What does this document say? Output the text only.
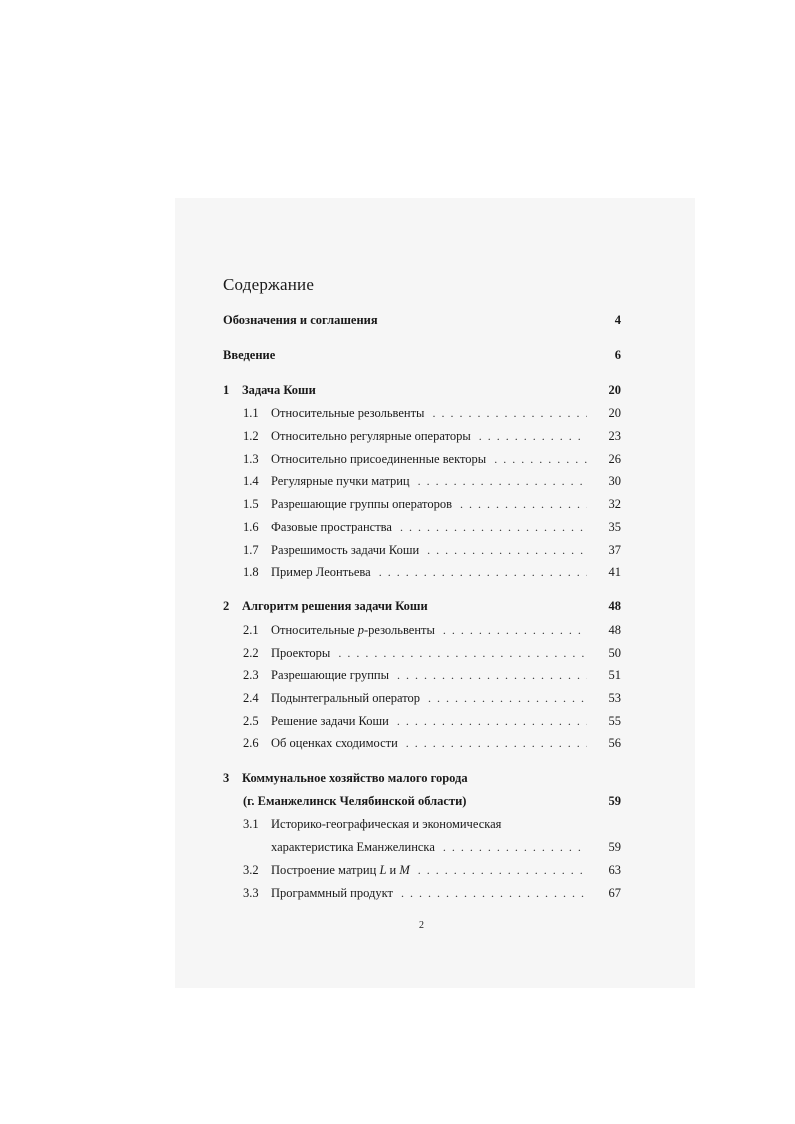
Содержание
Обозначения и соглашения	4
Введение	6
1	Задача Коши	20
1.1 Относительные резольвенты . . .	20
1.2 Относительно регулярные операторы . . .	23
1.3 Относительно присоединенные векторы . . .	26
1.4 Регулярные пучки матриц . . .	30
1.5 Разрешающие группы операторов . . .	32
1.6 Фазовые пространства . . .	35
1.7 Разрешимость задачи Коши . . .	37
1.8 Пример Леонтьева . . .	41
2	Алгоритм решения задачи Коши	48
2.1 Относительные p-резольвенты . . .	48
2.2 Проекторы . . .	50
2.3 Разрешающие группы . . .	51
2.4 Подынтегральный оператор . . .	53
2.5 Решение задачи Коши . . .	55
2.6 Об оценках сходимости . . .	56
3	Коммунальное хозяйство малого города
(г. Еманжелинск Челябинской области)	59
3.1 Историко-географическая и экономическая
характеристика Еманжелинска . . .	59
3.2 Построение матриц L и M . . .	63
3.3 Программный продукт . . .	67
2
